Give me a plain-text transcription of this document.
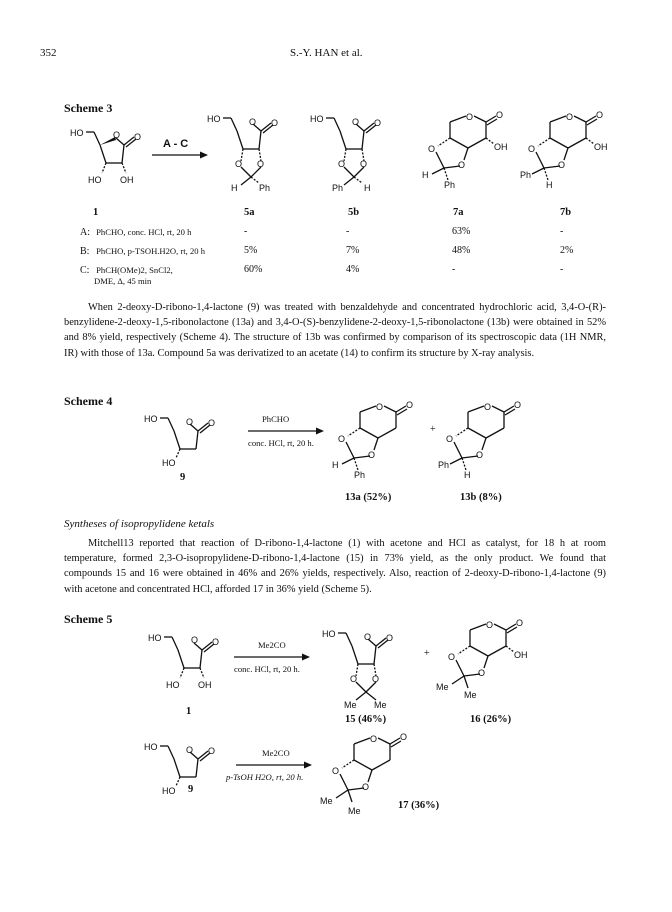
352	S.-Y. HAN et al.
Scheme 3
HO	O O
HO OH
1
A - C
HO	O O
O O
H Ph
5a
HO	O O
O O
Ph H
5b
O	O
OH
O
O
H
Ph
7a
O	O
OH
O
O
Ph
H
7b
A: PhCHO, conc. HCl, rt, 20 h	-	-	63%	-
B: PhCHO, p-TSOH.H2O, rt, 20 h	5%	7%	48%	2%
C: PhCH(OMe)2, SnCl2,
DME, Δ, 45 min
60%	4%	-	-
When 2-deoxy-D-ribono-1,4-lactone (9) was treated with benzaldehyde and concentrated hydrochloric acid, 3,4-O-(R)-benzylidene-2-deoxy-1,5-ribonolactone (13a) and 3,4-O-(S)-benzylidene-2-deoxy-1,5-ribonolactone (13b) were obtained in 52% and 8% yield, respectively (Scheme 4). The structure of 13b was confirmed by comparison of its spectroscopic data (1H NMR, IR) with those of 13a. Compound 5a was derivatized to an acetate (14) to confirm its structure by X-ray analysis.
Scheme 4
HO	O O
HO
9
PhCHO
conc. HCl, rt, 20 h.
O	O
O
O
H
Ph
13a (52%)
+
O	O
O
O
Ph
H
13b (8%)
Syntheses of isopropylidene ketals
Mitchell13 reported that reaction of D-ribono-1,4-lactone (1) with acetone and HCl as catalyst, for 18 h at room temperature, formed 2,3-O-isopropylidene-D-ribono-1,4-lactone (15) in 73% yield, as the only product. We found that compounds 15 and 16 were obtained in 46% and 26% yields, respectively. Also, reaction of 2-deoxy-D-ribono-1,4-lactone (9) with acetone and concentrated HCl, afforded 17 in 36% yield (Scheme 5).
Scheme 5
HO	O O
HO OH
1
Me2CO
conc. HCl, rt, 20 h.
HO	O O
O O
Me Me
15 (46%)
+
O	O
OH
O
O
Me
Me
16 (26%)
HO	O O
HO 9
Me2CO
p-TsOH H2O, rt, 20 h.
O	O
O
O
Me
Me	17 (36%)
